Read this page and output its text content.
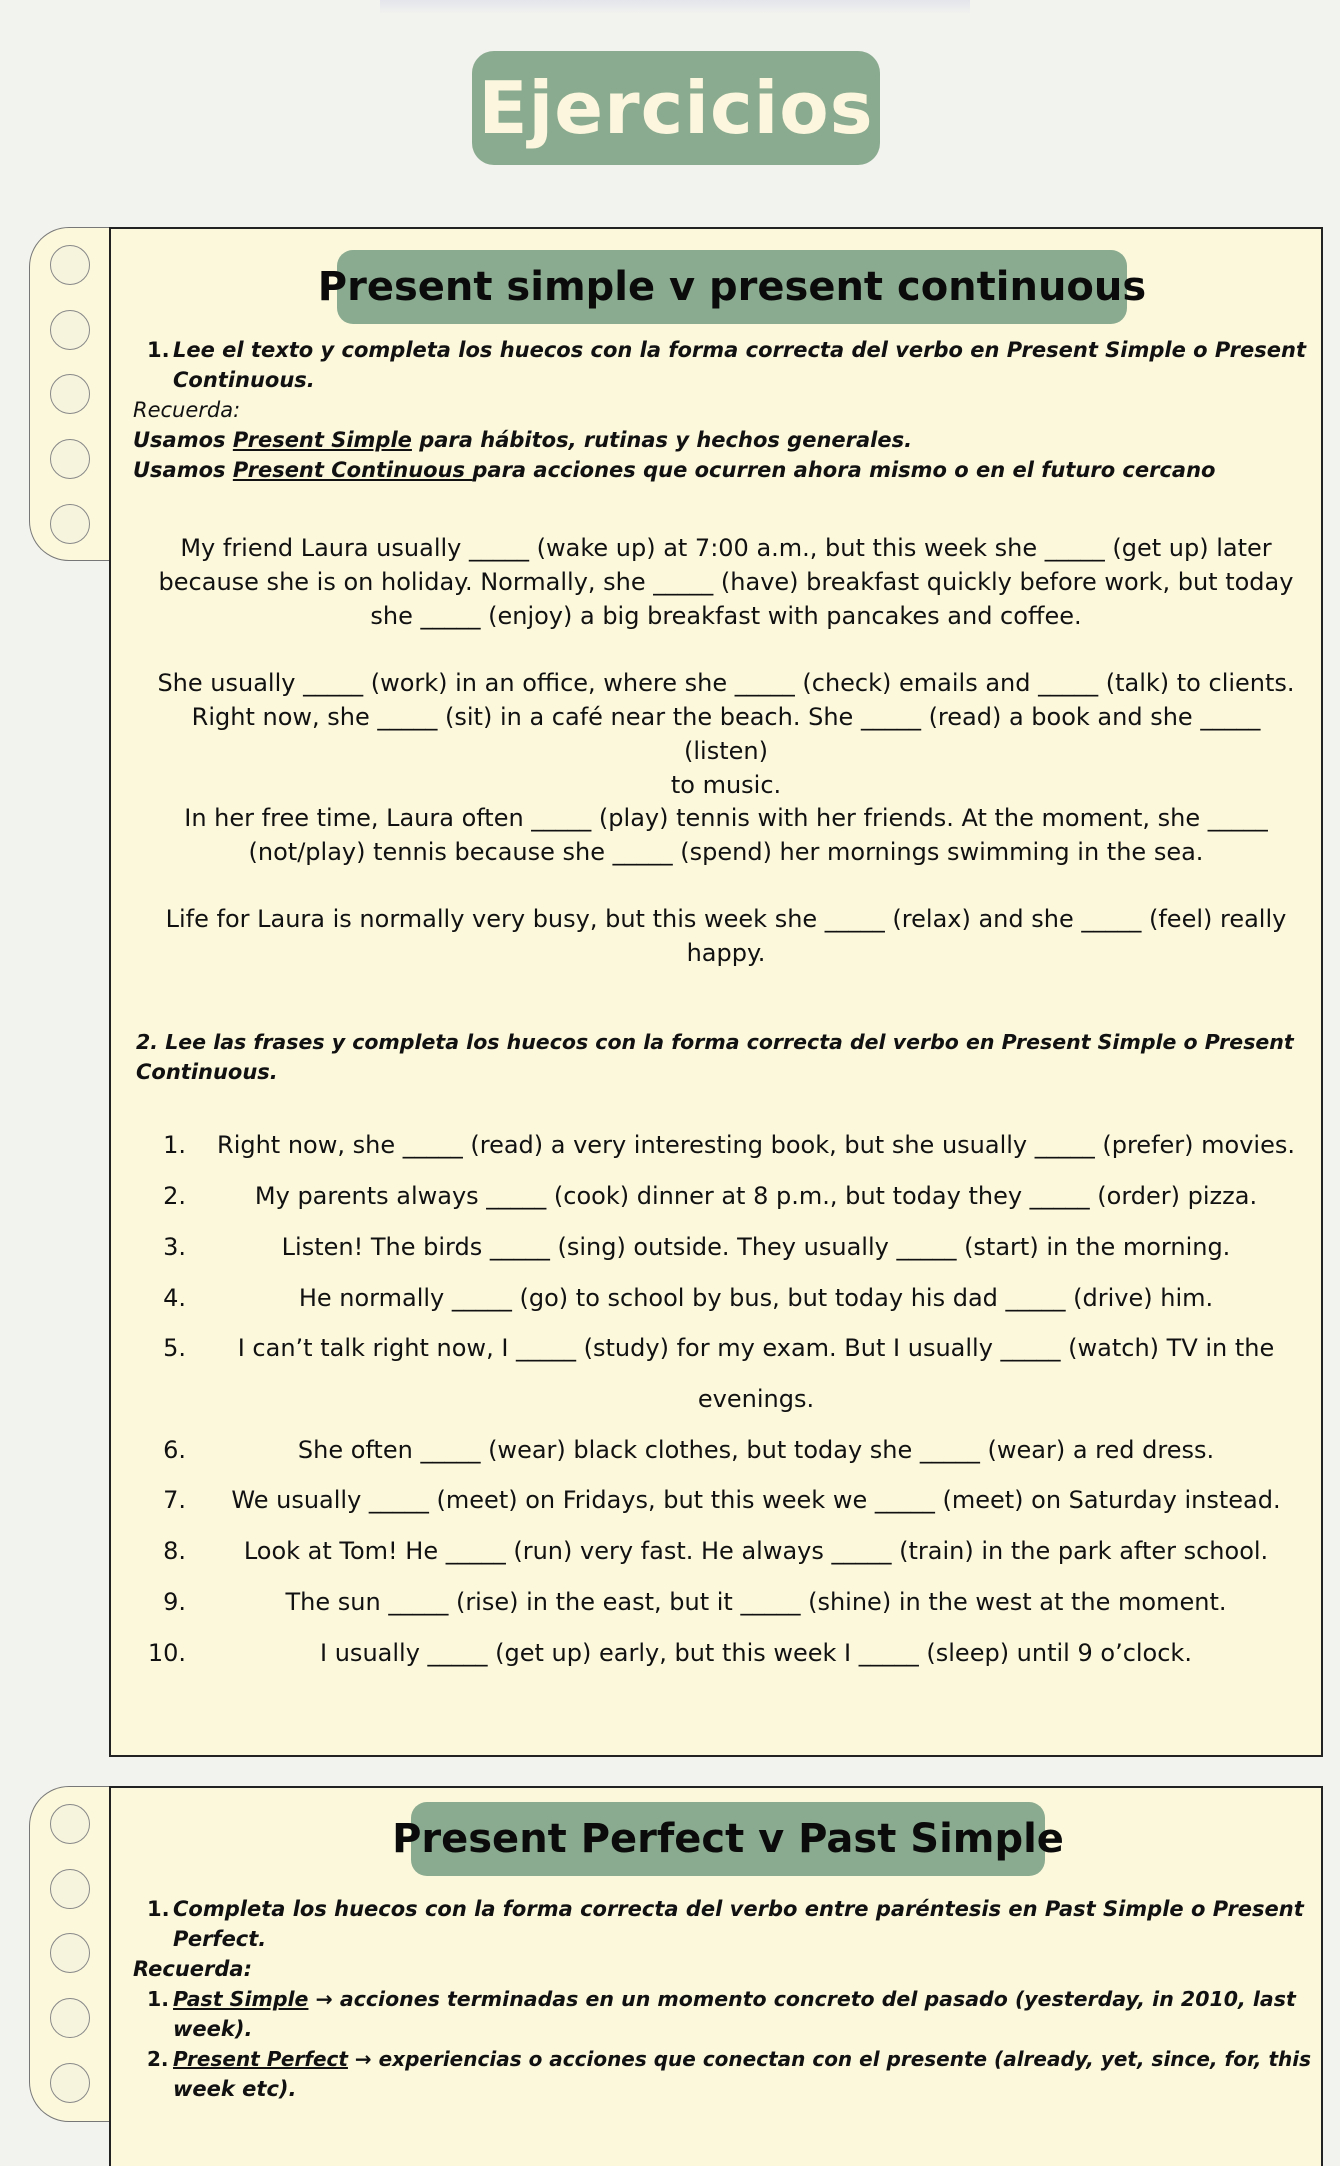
Ejercicios
Present simple v present continuous

1. Lee el texto y completa los huecos con la forma correcta del verbo en Present Simple o Present

Continuous.

Recuerda:

Usamos Present Simple para hábitos, rutinas y hechos generales.

Usamos Present Continuous para acciones que ocurren ahora mismo o en el futuro cercano

My friend Laura usually _____ (wake up) at 7:00 a.m., but this week she _____ (get up) later
because she is on holiday. Normally, she _____ (have) breakfast quickly before work, but today
she _____ (enjoy) a big breakfast with pancakes and coffee.

She usually _____ (work) in an office, where she _____ (check) emails and _____ (talk) to clients.
Right now, she _____ (sit) in a café near the beach. She _____ (read) a book and she _____ (listen)
to music.

In her free time, Laura often _____ (play) tennis with her friends. At the moment, she _____
(not/play) tennis because she _____ (spend) her mornings swimming in the sea.

Life for Laura is normally very busy, but this week she _____ (relax) and she _____ (feel) really
happy.

2. Lee las frases y completa los huecos con la forma correcta del verbo en Present Simple o Present

Continuous.

1.	Right now, she _____ (read) a very interesting book, but she usually _____ (prefer) movies.
2.	My parents always _____ (cook) dinner at 8 p.m., but today they _____ (order) pizza.
3.	Listen! The birds _____ (sing) outside. They usually _____ (start) in the morning.
4.	He normally _____ (go) to school by bus, but today his dad _____ (drive) him.
5.	I can’t talk right now, I _____ (study) for my exam. But I usually _____ (watch) TV in the
evenings.
6.	She often _____ (wear) black clothes, but today she _____ (wear) a red dress.
7.	We usually _____ (meet) on Fridays, but this week we _____ (meet) on Saturday instead.
8.	Look at Tom! He _____ (run) very fast. He always _____ (train) in the park after school.
9.	The sun _____ (rise) in the east, but it _____ (shine) in the west at the moment.
10.	I usually _____ (get up) early, but this week I _____ (sleep) until 9 o’clock.
Present Perfect v Past Simple

1. Completa los huecos con la forma correcta del verbo entre paréntesis en Past Simple o Present

Perfect.

Recuerda:

1. Past Simple → acciones terminadas en un momento concreto del pasado (yesterday, in 2010, last

week).

2. Present Perfect → experiencias o acciones que conectan con el presente (already, yet, since, for, this

week etc).
